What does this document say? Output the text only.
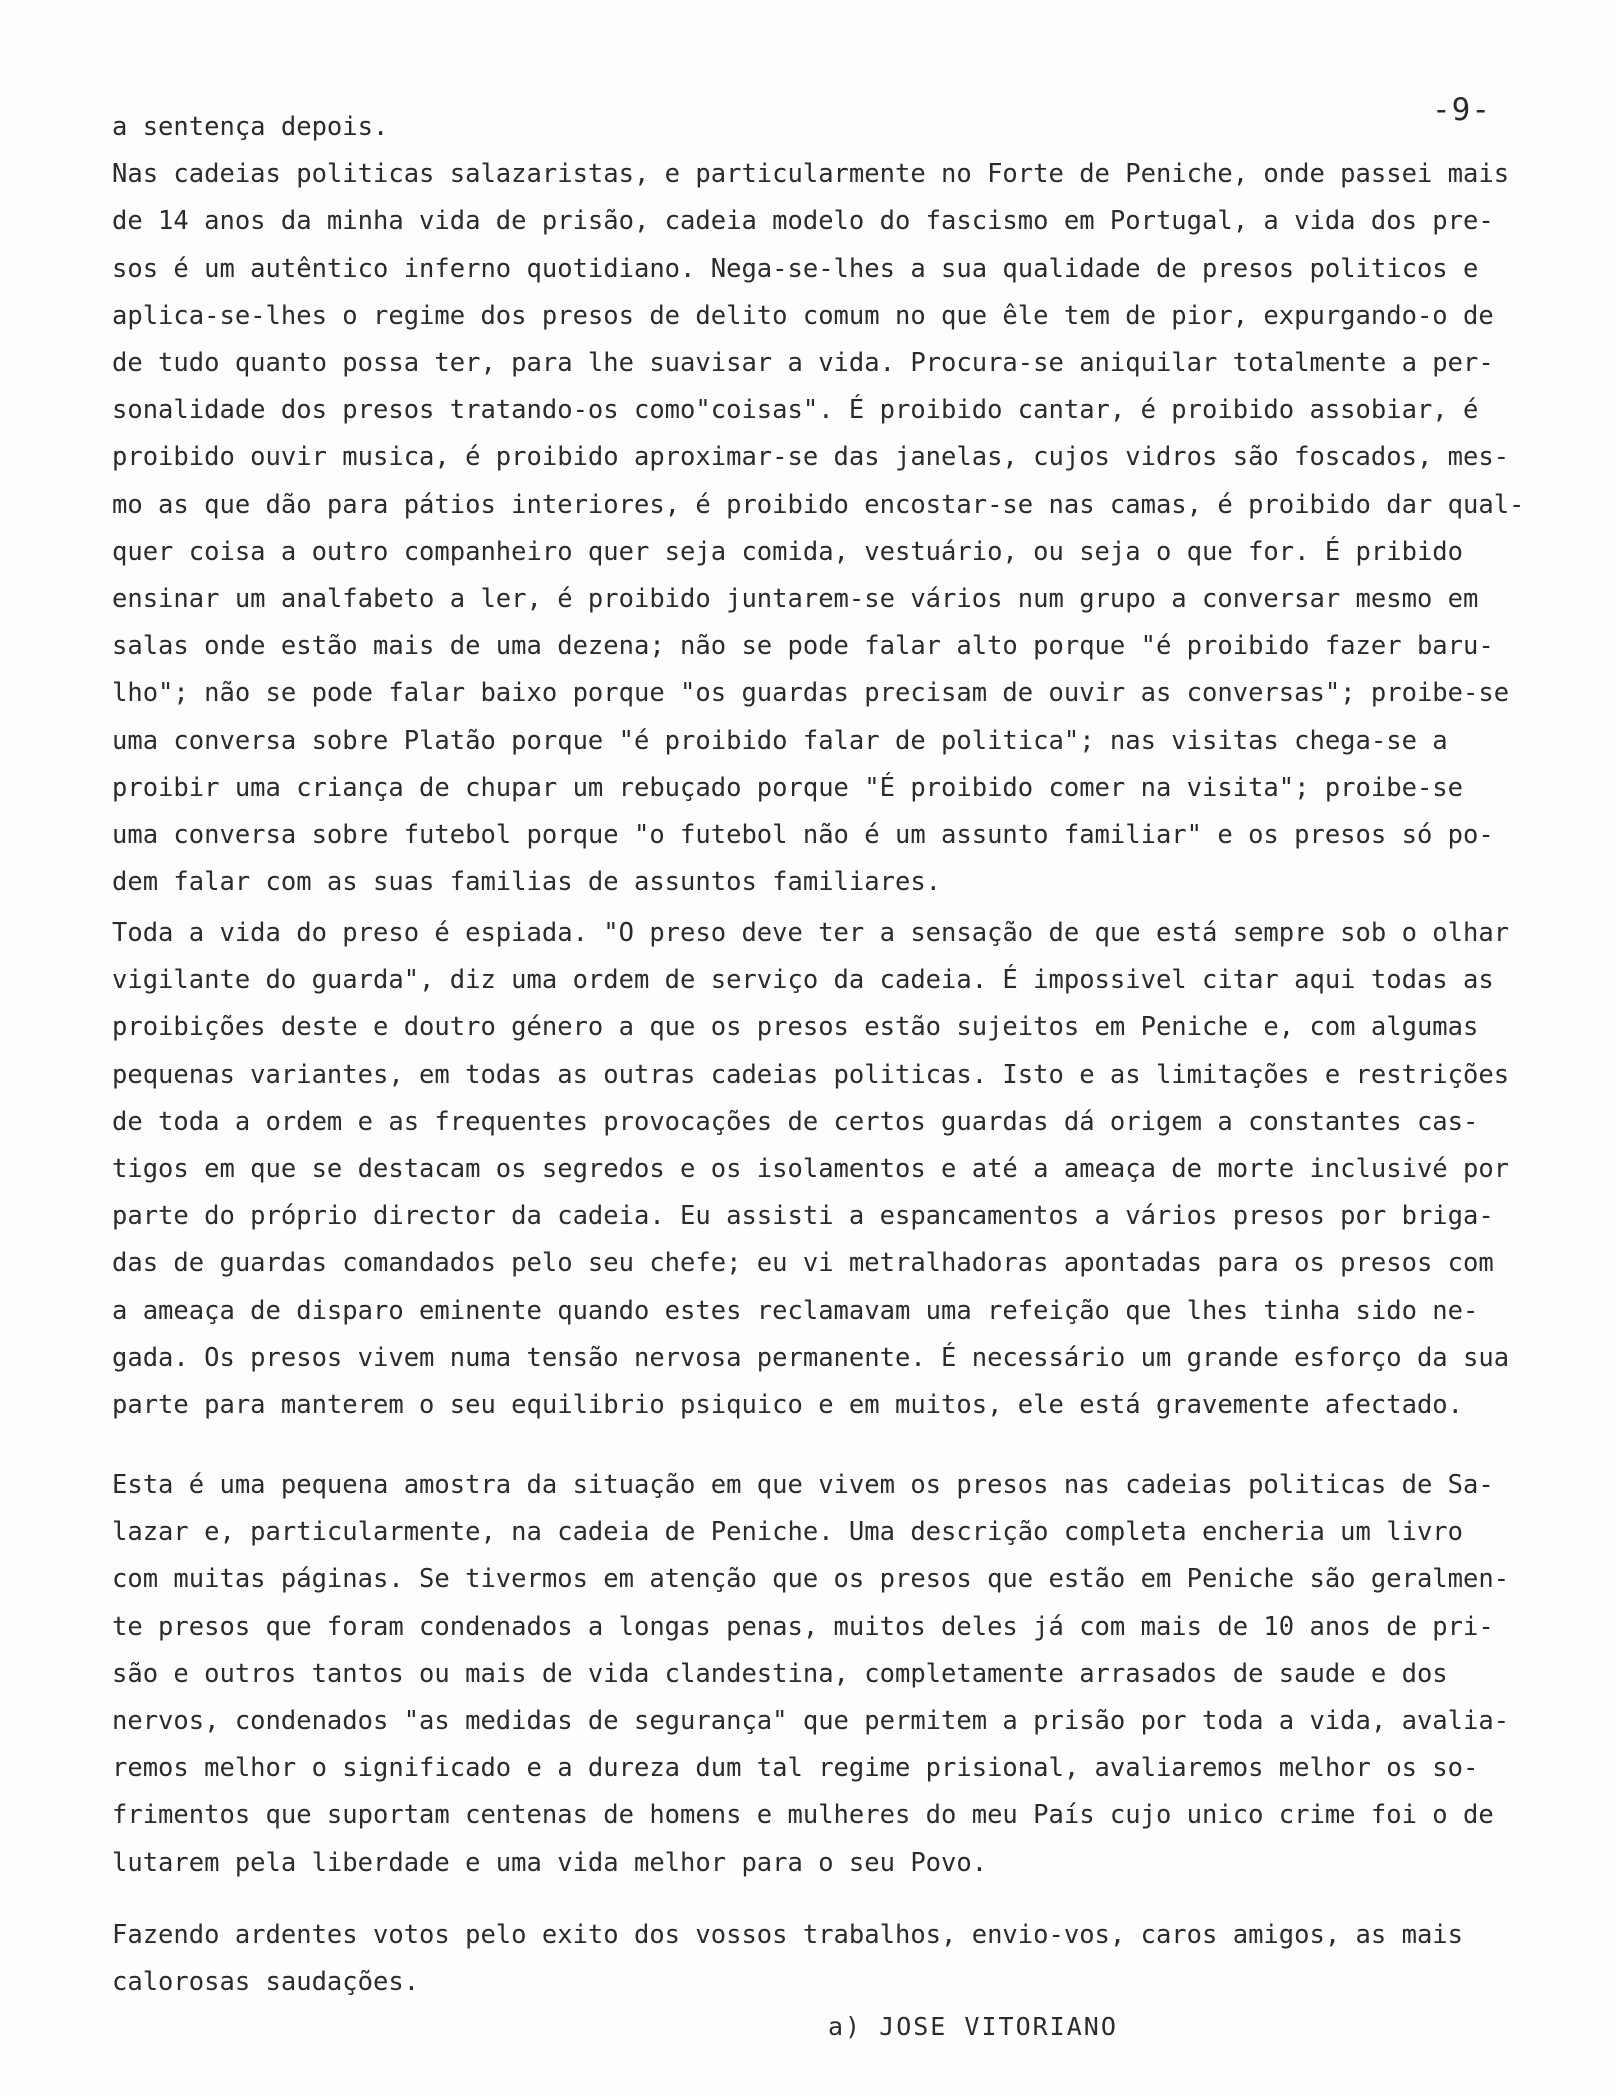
-9-
a sentença depois.
Nas cadeias politicas salazaristas, e particularmente no Forte de Peniche, onde passei mais
de 14 anos da minha vida de prisão, cadeia modelo do fascismo em Portugal, a vida dos pre-
sos é um autêntico inferno quotidiano. Nega-se-lhes a sua qualidade de presos politicos e
aplica-se-lhes o regime dos presos de delito comum no que êle tem de pior, expurgando-o de
de tudo quanto possa ter, para lhe suavisar a vida. Procura-se aniquilar totalmente a per-
sonalidade dos presos tratando-os como"coisas". É proibido cantar, é proibido assobiar, é
proibido ouvir musica, é proibido aproximar-se das janelas, cujos vidros são foscados, mes-
mo as que dão para pátios interiores, é proibido encostar-se nas camas, é proibido dar qual-
quer coisa a outro companheiro quer seja comida, vestuário, ou seja o que for. É pribido
ensinar um analfabeto a ler, é proibido juntarem-se vários num grupo a conversar mesmo em
salas onde estão mais de uma dezena; não se pode falar alto porque "é proibido fazer baru-
lho"; não se pode falar baixo porque "os guardas precisam de ouvir as conversas"; proibe-se
uma conversa sobre Platão porque "é proibido falar de politica"; nas visitas chega-se a
proibir uma criança de chupar um rebuçado porque "É proibido comer na visita"; proibe-se
uma conversa sobre futebol porque "o futebol não é um assunto familiar" e os presos só po-
dem falar com as suas familias de assuntos familiares.
Toda a vida do preso é espiada. "O preso deve ter a sensação de que está sempre sob o olhar
vigilante do guarda", diz uma ordem de serviço da cadeia. É impossivel citar aqui todas as
proibições deste e doutro género a que os presos estão sujeitos em Peniche e, com algumas
pequenas variantes, em todas as outras cadeias politicas. Isto e as limitações e restrições
de toda a ordem e as frequentes provocações de certos guardas dá origem a constantes cas-
tigos em que se destacam os segredos e os isolamentos e até a ameaça de morte inclusivé por
parte do próprio director da cadeia. Eu assisti a espancamentos a vários presos por briga-
das de guardas comandados pelo seu chefe; eu vi metralhadoras apontadas para os presos com
a ameaça de disparo eminente quando estes reclamavam uma refeição que lhes tinha sido ne-
gada. Os presos vivem numa tensão nervosa permanente. É necessário um grande esforço da sua
parte para manterem o seu equilibrio psiquico e em muitos, ele está gravemente afectado.
Esta é uma pequena amostra da situação em que vivem os presos nas cadeias politicas de Sa-
lazar e, particularmente, na cadeia de Peniche. Uma descrição completa encheria um livro
com muitas páginas. Se tivermos em atenção que os presos que estão em Peniche são geralmen-
te presos que foram condenados a longas penas, muitos deles já com mais de 10 anos de pri-
são e outros tantos ou mais de vida clandestina, completamente arrasados de saude e dos
nervos, condenados "as medidas de segurança" que permitem a prisão por toda a vida, avalia-
remos melhor o significado e a dureza dum tal regime prisional, avaliaremos melhor os so-
frimentos que suportam centenas de homens e mulheres do meu País cujo unico crime foi o de
lutarem pela liberdade e uma vida melhor para o seu Povo.
Fazendo ardentes votos pelo exito dos vossos trabalhos, envio-vos, caros amigos, as mais
calorosas saudações.
a) JOSE VITORIANO
